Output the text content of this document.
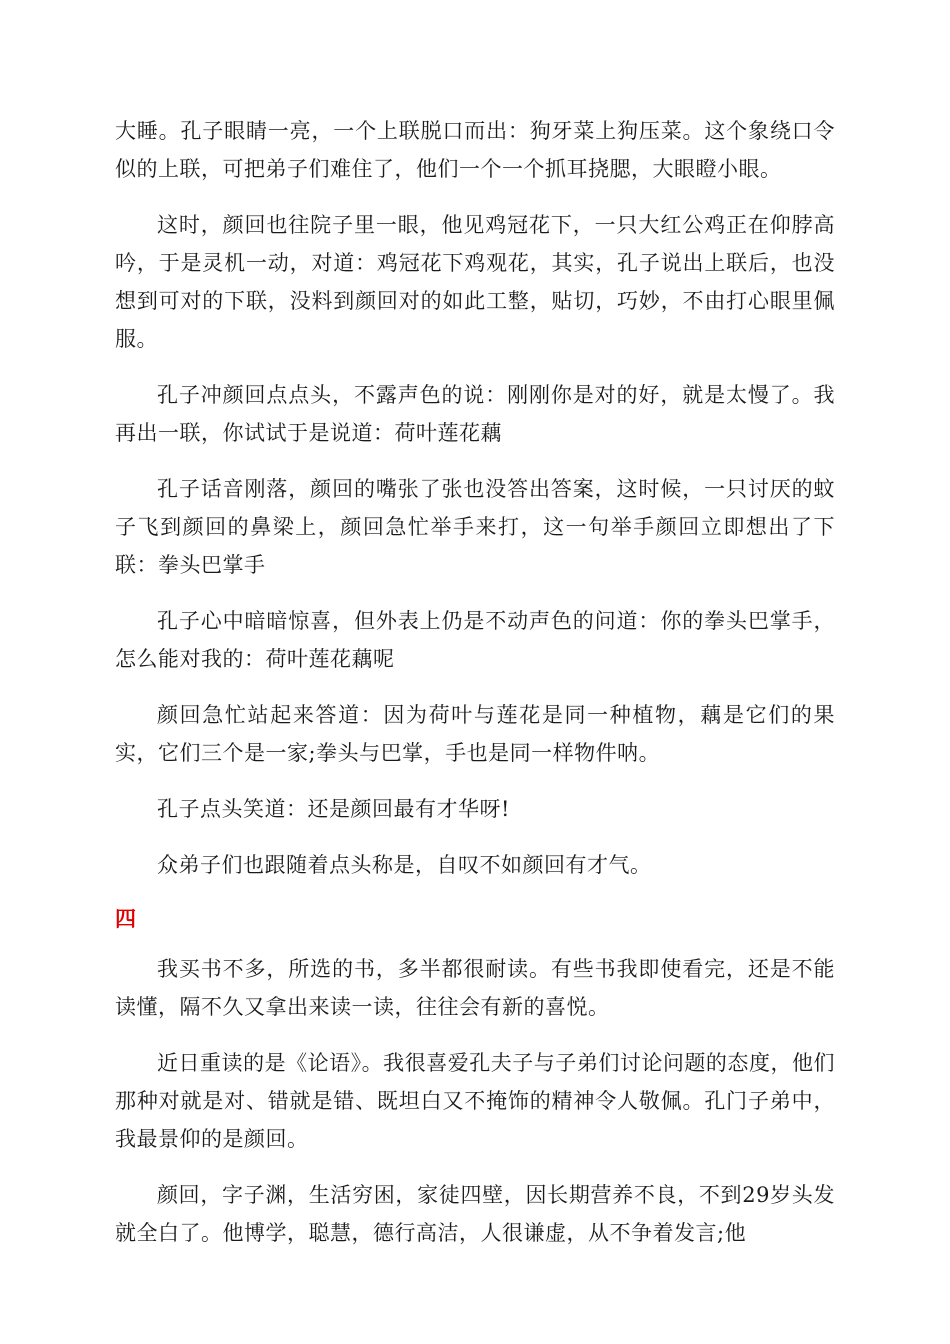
大睡。孔子眼睛一亮，一个上联脱口而出：狗牙菜上狗压菜。这个象绕口令似的上联，可把弟子们难住了，他们一个一个抓耳挠腮，大眼瞪小眼。

这时，颜回也往院子里一眼，他见鸡冠花下，一只大红公鸡正在仰脖高吟，于是灵机一动，对道：鸡冠花下鸡观花，其实，孔子说出上联后，也没想到可对的下联，没料到颜回对的如此工整，贴切，巧妙，不由打心眼里佩服。

孔子冲颜回点点头，不露声色的说：刚刚你是对的好，就是太慢了。我再出一联，你试试于是说道：荷叶莲花藕

孔子话音刚落，颜回的嘴张了张也没答出答案，这时候，一只讨厌的蚊子飞到颜回的鼻梁上，颜回急忙举手来打，这一句举手颜回立即想出了下联：拳头巴掌手

孔子心中暗暗惊喜，但外表上仍是不动声色的问道：你的拳头巴掌手，怎么能对我的：荷叶莲花藕呢

颜回急忙站起来答道：因为荷叶与莲花是同一种植物，藕是它们的果实，它们三个是一家;拳头与巴掌，手也是同一样物件呐。

孔子点头笑道：还是颜回最有才华呀!

众弟子们也跟随着点头称是，自叹不如颜回有才气。

四

我买书不多，所选的书，多半都很耐读。有些书我即使看完，还是不能读懂，隔不久又拿出来读一读，往往会有新的喜悦。

近日重读的是《论语》。我很喜爱孔夫子与子弟们讨论问题的态度，他们那种对就是对、错就是错、既坦白又不掩饰的精神令人敬佩。孔门子弟中，我最景仰的是颜回。

颜回，字子渊，生活穷困，家徒四壁，因长期营养不良，不到29岁头发就全白了。他博学，聪慧，德行高洁，人很谦虚，从不争着发言;他
